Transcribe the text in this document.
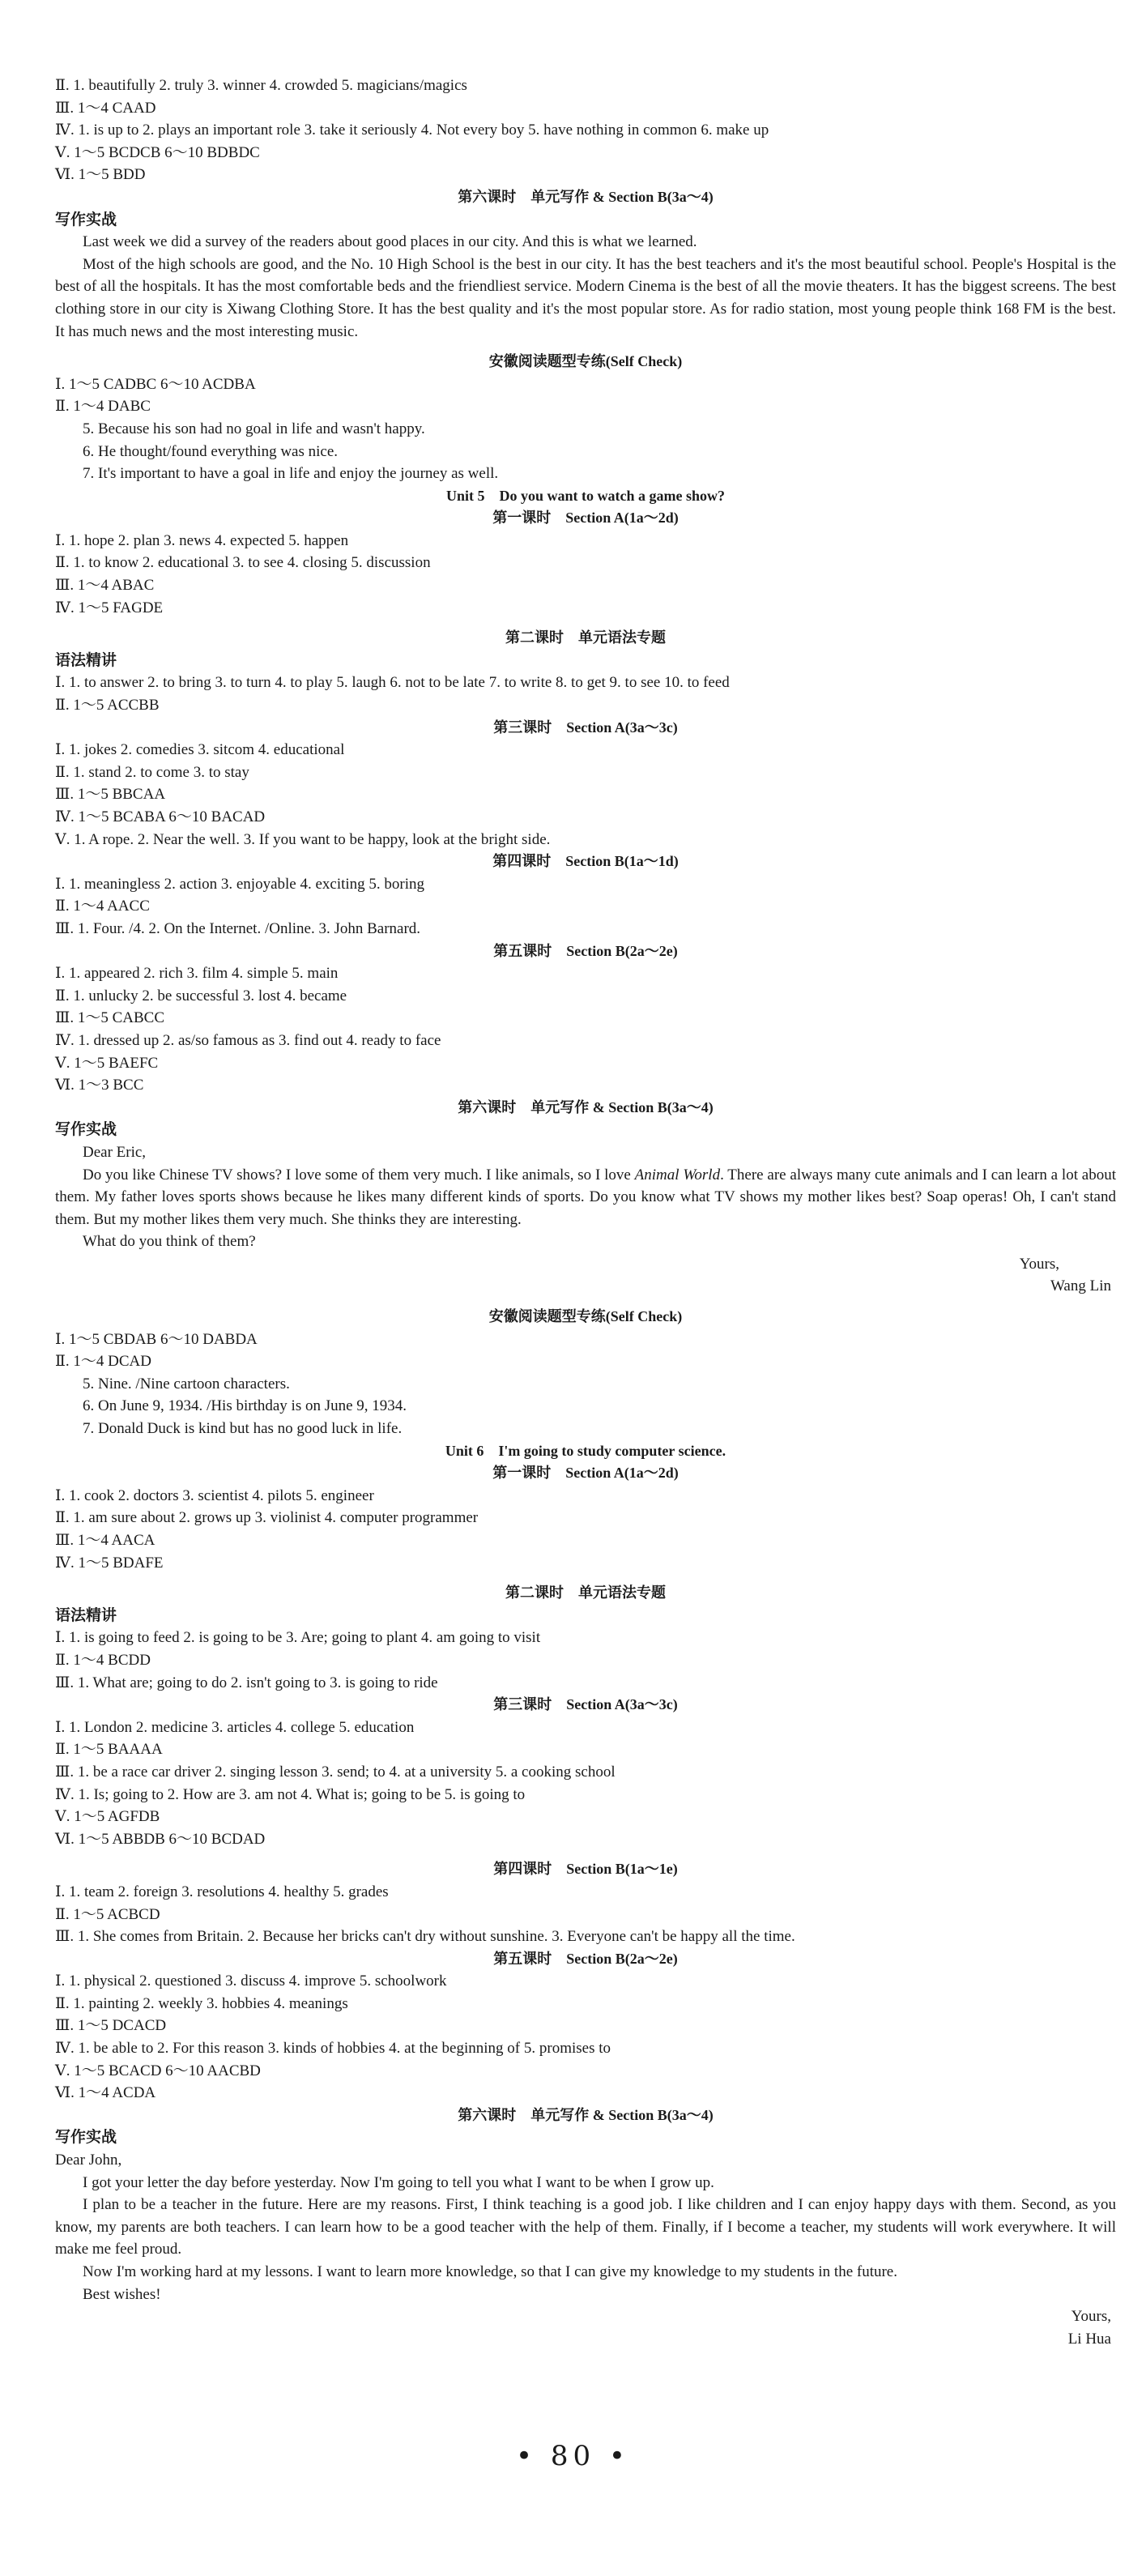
Ⅱ. 1. beautifully 2. truly 3. winner 4. crowded 5. magicians/magics
Ⅲ. 1～4 CAAD
Ⅳ. 1. is up to 2. plays an important role 3. take it seriously 4. Not every boy 5. have nothing in common 6. make up
Ⅴ. 1～5 BCDCB 6～10 BDBDC
Ⅵ. 1～5 BDD
第六课时　单元写作 & Section B(3a～4)
写作实战

Last week we did a survey of the readers about good places in our city. And this is what we learned.

Most of the high schools are good, and the No. 10 High School is the best in our city. It has the best teachers and it's the most beautiful school. People's Hospital is the best of all the hospitals. It has the most comfortable beds and the friendliest service. Modern Cinema is the best of all the movie theaters. It has the biggest screens. The best clothing store in our city is Xiwang Clothing Store. It has the best quality and it's the most popular store. As for radio station, most young people think 168 FM is the best. It has much news and the most interesting music.

安徽阅读题型专练(Self Check)
Ⅰ. 1～5 CADBC 6～10 ACDBA
Ⅱ. 1～4 DABC
5. Because his son had no goal in life and wasn't happy.
6. He thought/found everything was nice.
7. It's important to have a goal in life and enjoy the journey as well.
Unit 5　Do you want to watch a game show?
第一课时　Section A(1a～2d)
Ⅰ. 1. hope 2. plan 3. news 4. expected 5. happen
Ⅱ. 1. to know 2. educational 3. to see 4. closing 5. discussion
Ⅲ. 1～4 ABAC
Ⅳ. 1～5 FAGDE
第二课时　单元语法专题
语法精讲
Ⅰ. 1. to answer 2. to bring 3. to turn 4. to play 5. laugh 6. not to be late 7. to write 8. to get 9. to see 10. to feed
Ⅱ. 1～5 ACCBB
第三课时　Section A(3a～3c)
Ⅰ. 1. jokes 2. comedies 3. sitcom 4. educational
Ⅱ. 1. stand 2. to come 3. to stay
Ⅲ. 1～5 BBCAA
Ⅳ. 1～5 BCABA 6～10 BACAD
Ⅴ. 1. A rope. 2. Near the well. 3. If you want to be happy, look at the bright side.
第四课时　Section B(1a～1d)
Ⅰ. 1. meaningless 2. action 3. enjoyable 4. exciting 5. boring
Ⅱ. 1～4 AACC
Ⅲ. 1. Four. /4. 2. On the Internet. /Online. 3. John Barnard.
第五课时　Section B(2a～2e)
Ⅰ. 1. appeared 2. rich 3. film 4. simple 5. main
Ⅱ. 1. unlucky 2. be successful 3. lost 4. became
Ⅲ. 1～5 CABCC
Ⅳ. 1. dressed up 2. as/so famous as 3. find out 4. ready to face
Ⅴ. 1～5 BAEFC
Ⅵ. 1～3 BCC
第六课时　单元写作 & Section B(3a～4)
写作实战
Dear Eric,

Do you like Chinese TV shows? I love some of them very much. I like animals, so I love Animal World. There are always many cute animals and I can learn a lot about them. My father loves sports shows because he likes many different kinds of sports. Do you know what TV shows my mother likes best? Soap operas! Oh, I can't stand them. But my mother likes them very much. She thinks they are interesting.

What do you think of them?

Yours,
Wang Lin
安徽阅读题型专练(Self Check)
Ⅰ. 1～5 CBDAB 6～10 DABDA
Ⅱ. 1～4 DCAD
5. Nine. /Nine cartoon characters.
6. On June 9, 1934. /His birthday is on June 9, 1934.
7. Donald Duck is kind but has no good luck in life.
Unit 6　I'm going to study computer science.
第一课时　Section A(1a～2d)
Ⅰ. 1. cook 2. doctors 3. scientist 4. pilots 5. engineer
Ⅱ. 1. am sure about 2. grows up 3. violinist 4. computer programmer
Ⅲ. 1～4 AACA
Ⅳ. 1～5 BDAFE
第二课时　单元语法专题
语法精讲
Ⅰ. 1. is going to feed 2. is going to be 3. Are; going to plant 4. am going to visit
Ⅱ. 1～4 BCDD
Ⅲ. 1. What are; going to do 2. isn't going to 3. is going to ride
第三课时　Section A(3a～3c)
Ⅰ. 1. London 2. medicine 3. articles 4. college 5. education
Ⅱ. 1～5 BAAAA
Ⅲ. 1. be a race car driver 2. singing lesson 3. send; to 4. at a university 5. a cooking school
Ⅳ. 1. Is; going to 2. How are 3. am not 4. What is; going to be 5. is going to
Ⅴ. 1～5 AGFDB
Ⅵ. 1～5 ABBDB 6～10 BCDAD
第四课时　Section B(1a～1e)
Ⅰ. 1. team 2. foreign 3. resolutions 4. healthy 5. grades
Ⅱ. 1～5 ACBCD
Ⅲ. 1. She comes from Britain. 2. Because her bricks can't dry without sunshine. 3. Everyone can't be happy all the time.
第五课时　Section B(2a～2e)
Ⅰ. 1. physical 2. questioned 3. discuss 4. improve 5. schoolwork
Ⅱ. 1. painting 2. weekly 3. hobbies 4. meanings
Ⅲ. 1～5 DCACD
Ⅳ. 1. be able to 2. For this reason 3. kinds of hobbies 4. at the beginning of 5. promises to
Ⅴ. 1～5 BCACD 6～10 AACBD
Ⅵ. 1～4 ACDA
第六课时　单元写作 & Section B(3a～4)
写作实战
Dear John,

I got your letter the day before yesterday. Now I'm going to tell you what I want to be when I grow up.

I plan to be a teacher in the future. Here are my reasons. First, I think teaching is a good job. I like children and I can enjoy happy days with them. Second, as you know, my parents are both teachers. I can learn how to be a good teacher with the help of them. Finally, if I become a teacher, my students will work everywhere. It will make me feel proud.

Now I'm working hard at my lessons. I want to learn more knowledge, so that I can give my knowledge to my students in the future.

Best wishes!

Yours,
Li Hua
• 80 •
